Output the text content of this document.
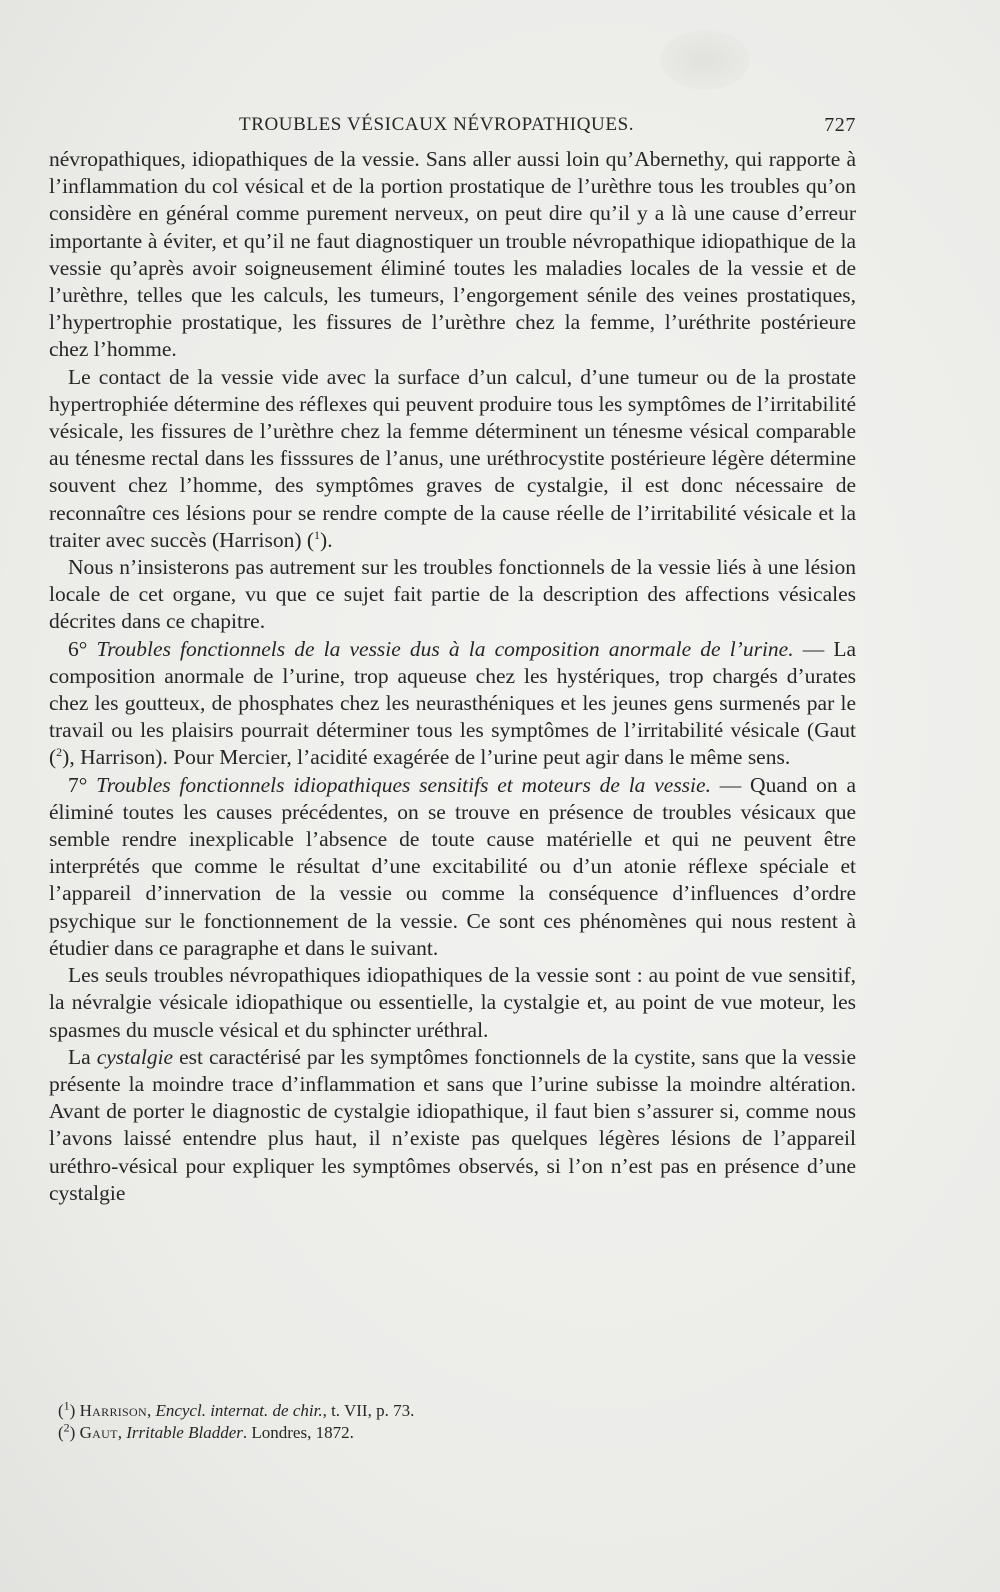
TROUBLES VÉSICAUX NÉVROPATHIQUES.	727

névropathiques, idiopathiques de la vessie. Sans aller aussi loin qu’Abernethy, qui rapporte à l’inflammation du col vésical et de la portion prostatique de l’urèthre tous les troubles qu’on considère en général comme purement nerveux, on peut dire qu’il y a là une cause d’erreur importante à éviter, et qu’il ne faut diagnostiquer un trouble névropathique idiopathique de la vessie qu’après avoir soigneusement éliminé toutes les maladies locales de la vessie et de l’urèthre, telles que les calculs, les tumeurs, l’engorgement sénile des veines prostatiques, l’hypertrophie prostatique, les fissures de l’urèthre chez la femme, l’uréthrite postérieure chez l’homme.

Le contact de la vessie vide avec la surface d’un calcul, d’une tumeur ou de la prostate hypertrophiée détermine des réflexes qui peuvent produire tous les symptômes de l’irritabilité vésicale, les fissures de l’urèthre chez la femme déterminent un ténesme vésical comparable au ténesme rectal dans les fisssures de l’anus, une uréthrocystite postérieure légère détermine souvent chez l’homme, des symptômes graves de cystalgie, il est donc nécessaire de reconnaître ces lésions pour se rendre compte de la cause réelle de l’irritabilité vésicale et la traiter avec succès (Harrison) ($^1$).

Nous n’insisterons pas autrement sur les troubles fonctionnels de la vessie liés à une lésion locale de cet organe, vu que ce sujet fait partie de la description des affections vésicales décrites dans ce chapitre.

6° Troubles fonctionnels de la vessie dus à la composition anormale de l’urine. — La composition anormale de l’urine, trop aqueuse chez les hystériques, trop chargés d’urates chez les goutteux, de phosphates chez les neurasthéniques et les jeunes gens surmenés par le travail ou les plaisirs pourrait déterminer tous les symptômes de l’irritabilité vésicale (Gaut ($^2$), Harrison). Pour Mercier, l’acidité exagérée de l’urine peut agir dans le même sens.

7° Troubles fonctionnels idiopathiques sensitifs et moteurs de la vessie. — Quand on a éliminé toutes les causes précédentes, on se trouve en présence de troubles vésicaux que semble rendre inexplicable l’absence de toute cause matérielle et qui ne peuvent être interprétés que comme le résultat d’une excitabilité ou d’un atonie réflexe spéciale et l’appareil d’innervation de la vessie ou comme la conséquence d’influences d’ordre psychique sur le fonctionnement de la vessie. Ce sont ces phénomènes qui nous restent à étudier dans ce paragraphe et dans le suivant.

Les seuls troubles névropathiques idiopathiques de la vessie sont : au point de vue sensitif, la névralgie vésicale idiopathique ou essentielle, la cystalgie et, au point de vue moteur, les spasmes du muscle vésical et du sphincter uréthral.

La cystalgie est caractérisé par les symptômes fonctionnels de la cystite, sans que la vessie présente la moindre trace d’inflammation et sans que l’urine subisse la moindre altération. Avant de porter le diagnostic de cystalgie idiopathique, il faut bien s’assurer si, comme nous l’avons laissé entendre plus haut, il n’existe pas quelques légères lésions de l’appareil uréthro-vésical pour expliquer les symptômes observés, si l’on n’est pas en présence d’une cystalgie

($^1$) Harrison, Encycl. internat. de chir., t. VII, p. 73.

($^2$) Gaut, Irritable Bladder. Londres, 1872.
